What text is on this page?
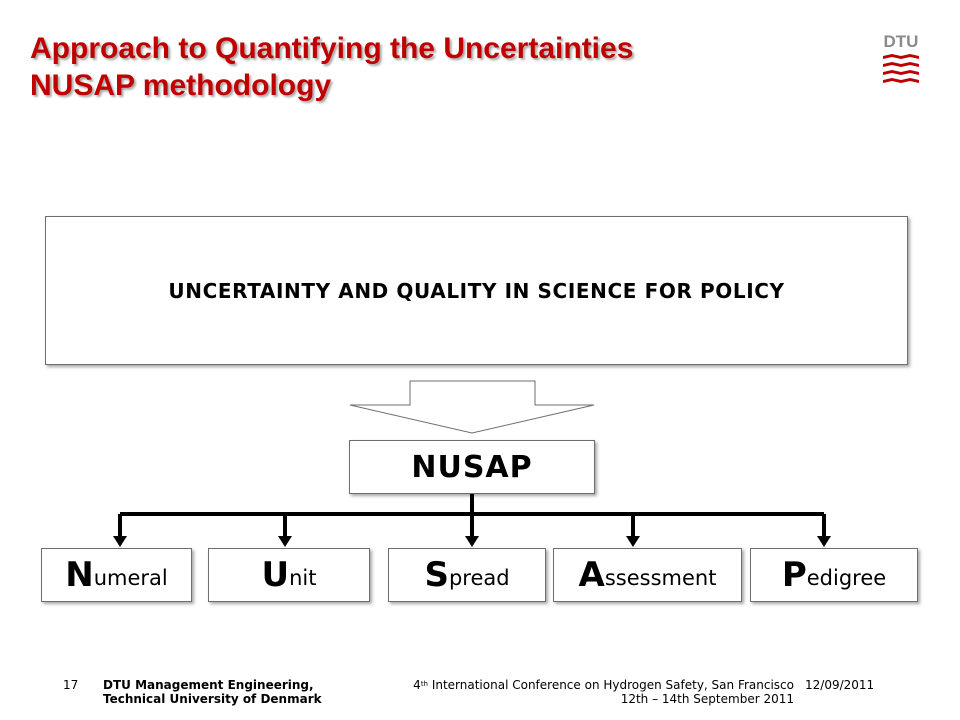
Approach to Quantifying the Uncertainties
NUSAP methodology
DTU
UNCERTAINTY AND QUALITY IN SCIENCE FOR POLICY
NUSAP
N umeral	U nit	S pread A ssessment P edigree
17 DTU Management Engineering,
Technical University of Denmark
4th International Conference on Hydrogen Safety, San Francisco
12th – 14th September 2011
12/09/2011
